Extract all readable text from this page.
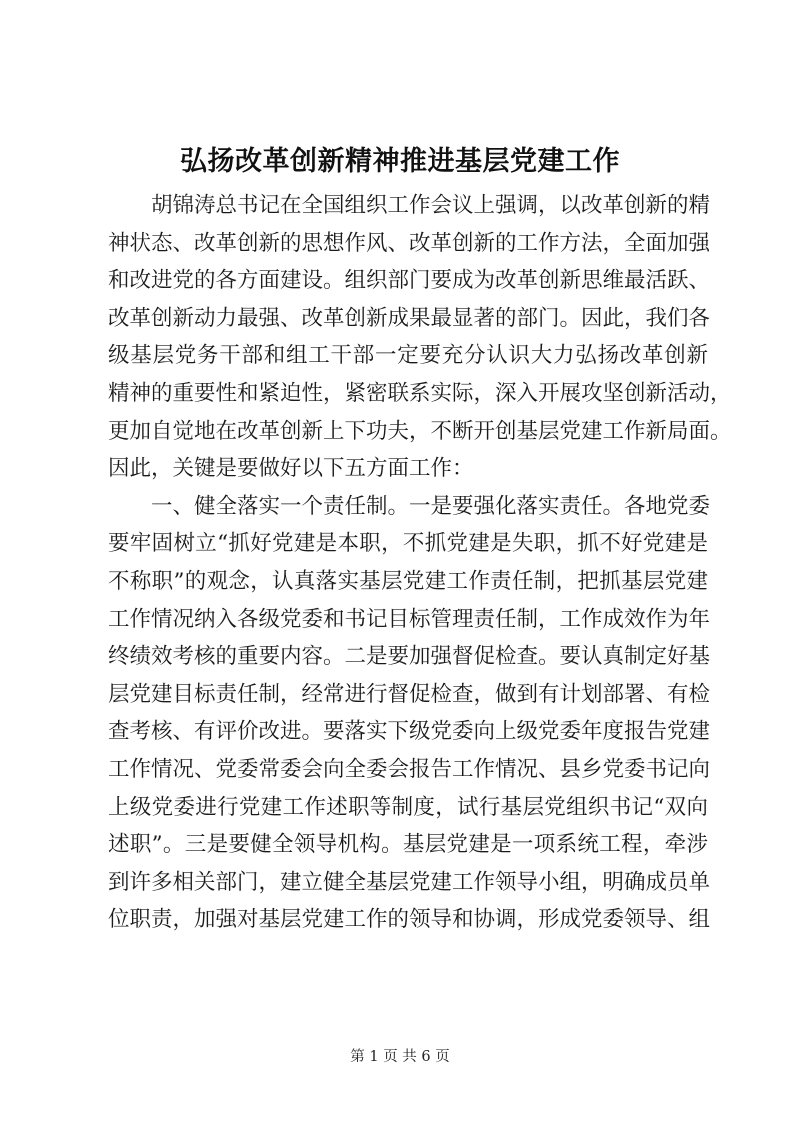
弘扬改革创新精神推进基层党建工作
　　胡锦涛总书记在全国组织工作会议上强调，以改革创新的精
神状态、改革创新的思想作风、改革创新的工作方法，全面加强
和改进党的各方面建设。组织部门要成为改革创新思维最活跃、
改革创新动力最强、改革创新成果最显著的部门。因此，我们各
级基层党务干部和组工干部一定要充分认识大力弘扬改革创新
精神的重要性和紧迫性，紧密联系实际，深入开展攻坚创新活动，
更加自觉地在改革创新上下功夫，不断开创基层党建工作新局面。
因此，关键是要做好以下五方面工作：
　　一、健全落实一个责任制。一是要强化落实责任。各地党委
要牢固树立“抓好党建是本职，不抓党建是失职，抓不好党建是
不称职”的观念，认真落实基层党建工作责任制，把抓基层党建
工作情况纳入各级党委和书记目标管理责任制，工作成效作为年
终绩效考核的重要内容。二是要加强督促检查。要认真制定好基
层党建目标责任制，经常进行督促检查，做到有计划部署、有检
查考核、有评价改进。要落实下级党委向上级党委年度报告党建
工作情况、党委常委会向全委会报告工作情况、县乡党委书记向
上级党委进行党建工作述职等制度，试行基层党组织书记“双向
述职”。三是要健全领导机构。基层党建是一项系统工程，牵涉
到许多相关部门，建立健全基层党建工作领导小组，明确成员单
位职责，加强对基层党建工作的领导和协调，形成党委领导、组
第 1 页 共 6 页
